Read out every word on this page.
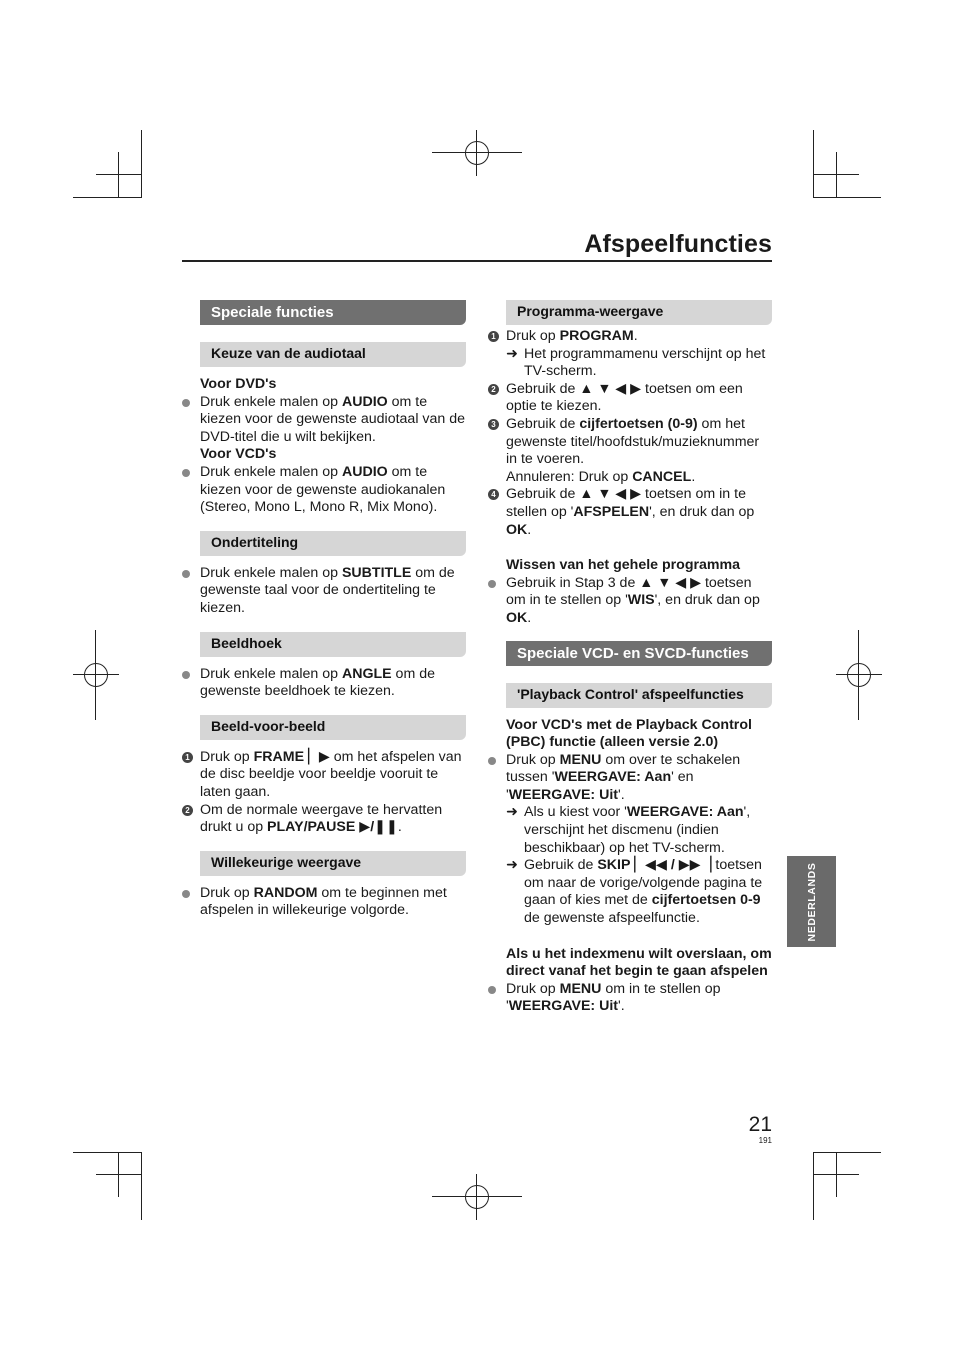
Afspeelfuncties
Speciale functies
Keuze van de audiotaal

Voor DVD's

Druk enkele malen op AUDIO om te kiezen voor de gewenste audiotaal van de DVD-titel die u wilt bekijken.

Voor VCD's

Druk enkele malen op AUDIO om te kiezen voor de gewenste audiokanalen (Stereo, Mono L, Mono R, Mix Mono).
Ondertiteling
Druk enkele malen op SUBTITLE om de gewenste taal voor de ondertiteling te kiezen.
Beeldhoek
Druk enkele malen op ANGLE om de gewenste beeldhoek te kiezen.
Beeld-voor-beeld
1 Druk op FRAME ▏▶ om het afspelen van de disc beeldje voor beeldje vooruit te laten gaan.
2 Om de normale weergave te hervatten drukt u op PLAY/PAUSE ▶/❚❚.
Willekeurige weergave
Druk op RANDOM om te beginnen met afspelen in willekeurige volgorde.
Programma-weergave
1 Druk op PROGRAM.
➜ Het programmamenu verschijnt op het TV-scherm.
2 Gebruik de ▲ ▼ ◀ ▶ toetsen om een optie te kiezen.
3 Gebruik de cijfertoetsen (0-9) om het gewenste titel/hoofdstuk/muzieknummer in te voeren.
Annuleren: Druk op CANCEL.
4 Gebruik de ▲ ▼ ◀ ▶ toetsen om in te stellen op 'AFSPELEN', en druk dan op OK.

Wissen van het gehele programma

Gebruik in Stap 3 de ▲ ▼ ◀ ▶ toetsen om in te stellen op 'WIS', en druk dan op OK.
Speciale VCD- en SVCD-functies
'Playback Control' afspeelfuncties

Voor VCD's met de Playback Control (PBC) functie (alleen versie 2.0)

Druk op MENU om over te schakelen tussen 'WEERGAVE: Aan' en 'WEERGAVE: Uit'.
➜ Als u kiest voor 'WEERGAVE: Aan', verschijnt het discmenu (indien beschikbaar) op het TV-scherm.
➜ Gebruik de SKIP ▏◀◀ / ▶▶▕ toetsen om naar de vorige/volgende pagina te gaan of kies met de cijfertoetsen 0-9 de gewenste afspeelfunctie.

Als u het indexmenu wilt overslaan, om direct vanaf het begin te gaan afspelen

Druk op MENU om in te stellen op 'WEERGAVE: Uit'.
NEDERLANDS
21
191
